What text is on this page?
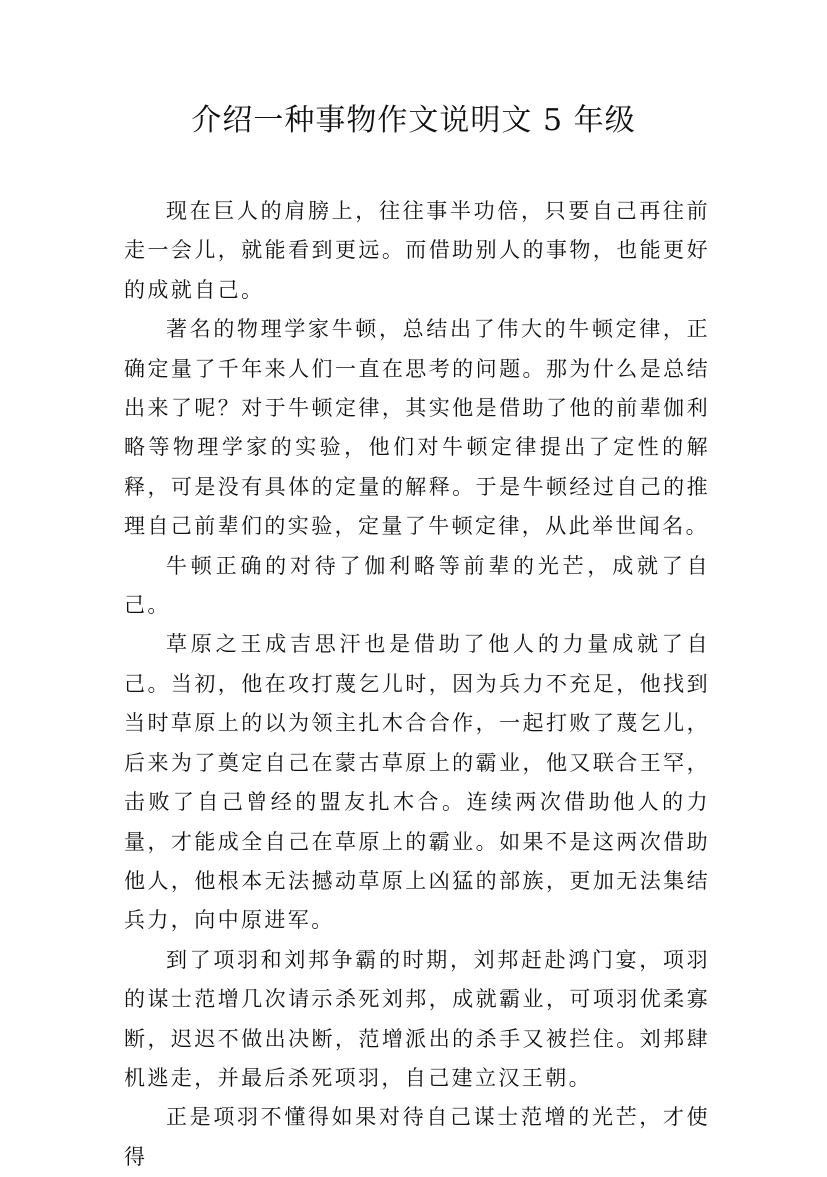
介绍一种事物作文说明文 5 年级

现在巨人的肩膀上，往往事半功倍，只要自己再往前走一会儿，就能看到更远。而借助别人的事物，也能更好的成就自己。

著名的物理学家牛顿，总结出了伟大的牛顿定律，正确定量了千年来人们一直在思考的问题。那为什么是总结出来了呢？对于牛顿定律，其实他是借助了他的前辈伽利略等物理学家的实验，他们对牛顿定律提出了定性的解释，可是没有具体的定量的解释。于是牛顿经过自己的推理自己前辈们的实验，定量了牛顿定律，从此举世闻名。

牛顿正确的对待了伽利略等前辈的光芒，成就了自己。

草原之王成吉思汗也是借助了他人的力量成就了自己。当初，他在攻打蔑乞儿时，因为兵力不充足，他找到当时草原上的以为领主扎木合合作，一起打败了蔑乞儿，后来为了奠定自己在蒙古草原上的霸业，他又联合王罕，击败了自己曾经的盟友扎木合。连续两次借助他人的力量，才能成全自己在草原上的霸业。如果不是这两次借助他人，他根本无法撼动草原上凶猛的部族，更加无法集结兵力，向中原进军。

到了项羽和刘邦争霸的时期，刘邦赶赴鸿门宴，项羽的谋士范增几次请示杀死刘邦，成就霸业，可项羽优柔寡断，迟迟不做出决断，范增派出的杀手又被拦住。刘邦肆机逃走，并最后杀死项羽，自己建立汉王朝。

正是项羽不懂得如果对待自己谋士范增的光芒，才使得
